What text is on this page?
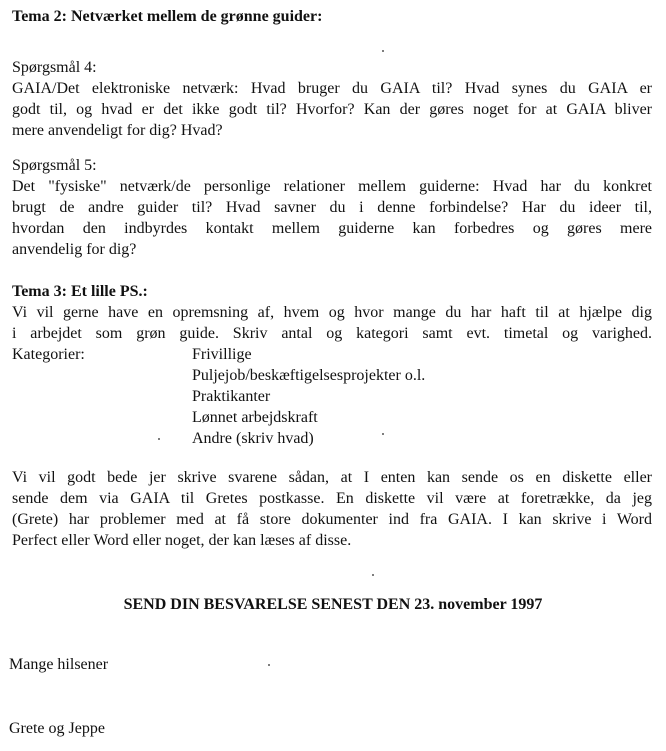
Tema 2: Netværket mellem de grønne guider:
Spørgsmål 4:
GAIA/Det elektroniske netværk: Hvad bruger du GAIA til? Hvad synes du GAIA er
godt til, og hvad er det ikke godt til? Hvorfor? Kan der gøres noget for at GAIA bliver
mere anvendeligt for dig? Hvad?
Spørgsmål 5:
Det "fysiske" netværk/de personlige relationer mellem guiderne: Hvad har du konkret
brugt de andre guider til? Hvad savner du i denne forbindelse? Har du ideer til,
hvordan den indbyrdes kontakt mellem guiderne kan forbedres og gøres mere
anvendelig for dig?
Tema 3: Et lille PS.:
Vi vil gerne have en opremsning af, hvem og hvor mange du har haft til at hjælpe dig
i arbejdet som grøn guide. Skriv antal og kategori samt evt. timetal og varighed.
Kategorier:	Frivillige
Puljejob/beskæftigelsesprojekter o.l.
Praktikanter
Lønnet arbejdskraft
Andre (skriv hvad)
Vi vil godt bede jer skrive svarene sådan, at I enten kan sende os en diskette eller
sende dem via GAIA til Gretes postkasse. En diskette vil være at foretrække, da jeg
(Grete) har problemer med at få store dokumenter ind fra GAIA. I kan skrive i Word
Perfect eller Word eller noget, der kan læses af disse.
SEND DIN BESVARELSE SENEST DEN 23. november 1997
Mange hilsener
Grete og Jeppe
